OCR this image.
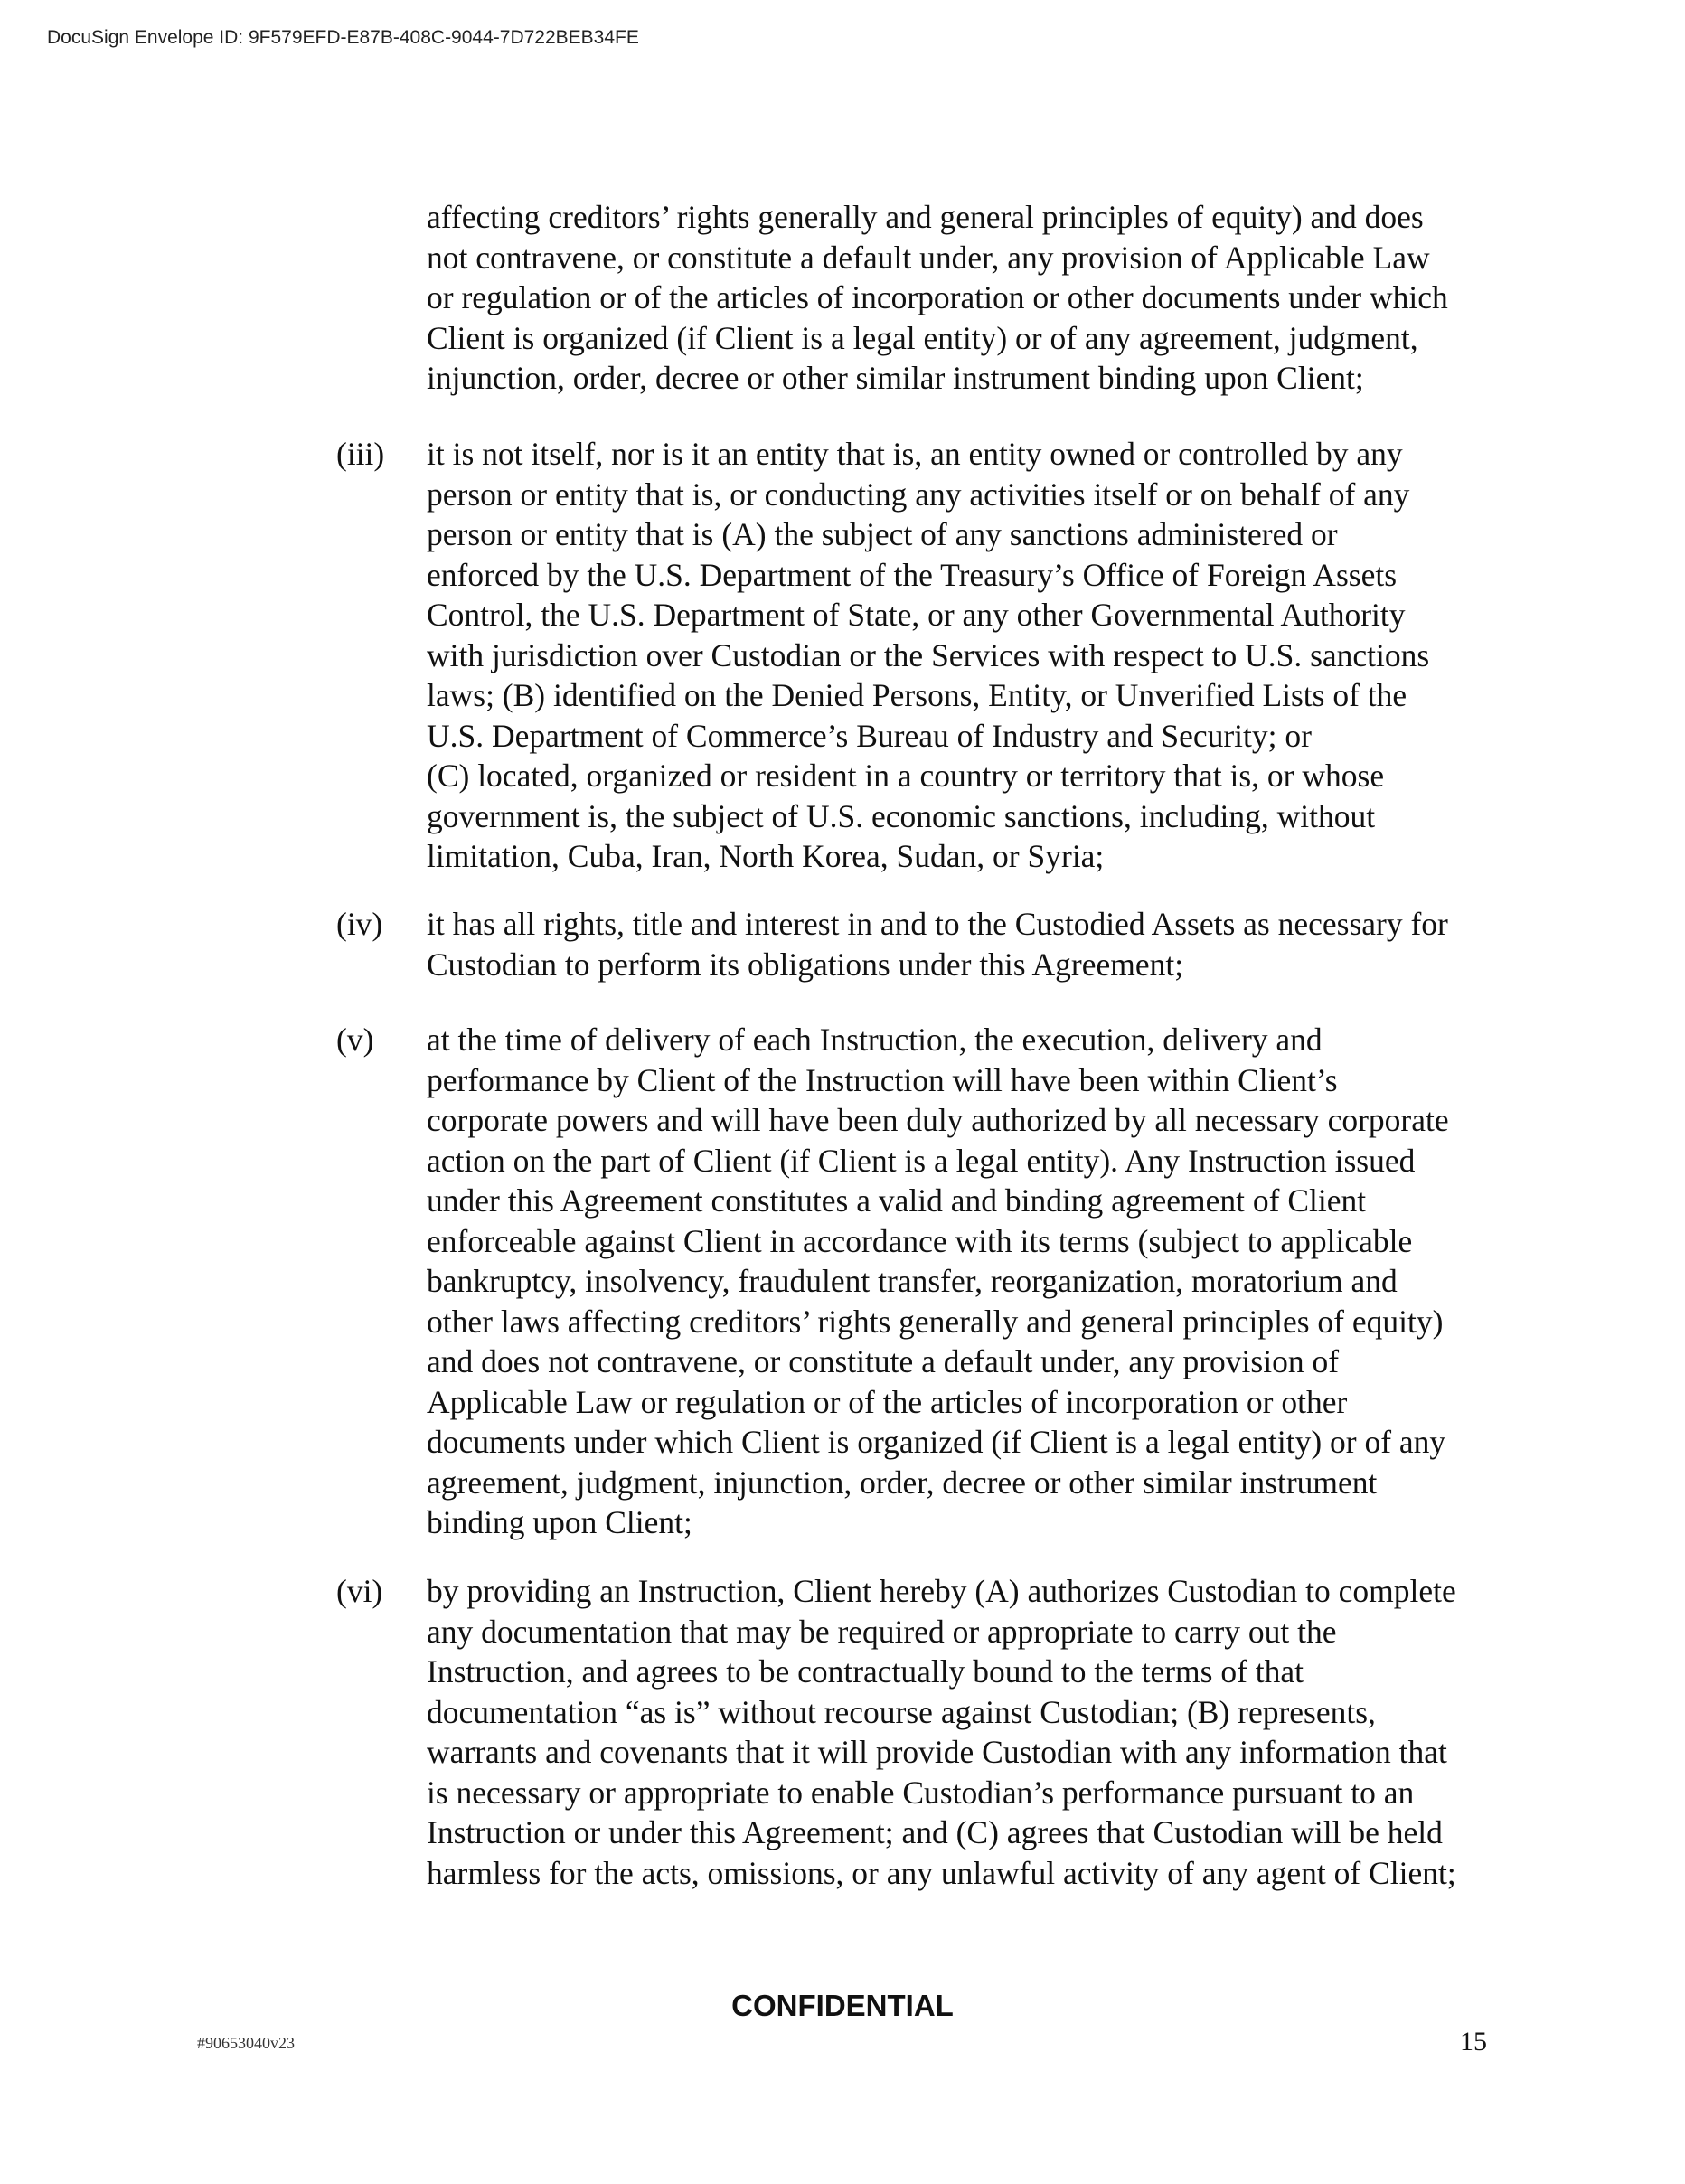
DocuSign Envelope ID: 9F579EFD-E87B-408C-9044-7D722BEB34FE
affecting creditors’ rights generally and general principles of equity) and does
not contravene, or constitute a default under, any provision of Applicable Law
or regulation or of the articles of incorporation or other documents under which
Client is organized (if Client is a legal entity) or of any agreement, judgment,
injunction, order, decree or other similar instrument binding upon Client;
(iii) it is not itself, nor is it an entity that is, an entity owned or controlled by any
person or entity that is, or conducting any activities itself or on behalf of any
person or entity that is (A) the subject of any sanctions administered or
enforced by the U.S. Department of the Treasury’s Office of Foreign Assets
Control, the U.S. Department of State, or any other Governmental Authority
with jurisdiction over Custodian or the Services with respect to U.S. sanctions
laws; (B) identified on the Denied Persons, Entity, or Unverified Lists of the
U.S. Department of Commerce’s Bureau of Industry and Security; or
(C) located, organized or resident in a country or territory that is, or whose
government is, the subject of U.S. economic sanctions, including, without
limitation, Cuba, Iran, North Korea, Sudan, or Syria;
(iv) it has all rights, title and interest in and to the Custodied Assets as necessary for
Custodian to perform its obligations under this Agreement;
(v) at the time of delivery of each Instruction, the execution, delivery and
performance by Client of the Instruction will have been within Client’s
corporate powers and will have been duly authorized by all necessary corporate
action on the part of Client (if Client is a legal entity). Any Instruction issued
under this Agreement constitutes a valid and binding agreement of Client
enforceable against Client in accordance with its terms (subject to applicable
bankruptcy, insolvency, fraudulent transfer, reorganization, moratorium and
other laws affecting creditors’ rights generally and general principles of equity)
and does not contravene, or constitute a default under, any provision of
Applicable Law or regulation or of the articles of incorporation or other
documents under which Client is organized (if Client is a legal entity) or of any
agreement, judgment, injunction, order, decree or other similar instrument
binding upon Client;
(vi) by providing an Instruction, Client hereby (A) authorizes Custodian to complete
any documentation that may be required or appropriate to carry out the
Instruction, and agrees to be contractually bound to the terms of that
documentation “as is” without recourse against Custodian; (B) represents,
warrants and covenants that it will provide Custodian with any information that
is necessary or appropriate to enable Custodian’s performance pursuant to an
Instruction or under this Agreement; and (C) agrees that Custodian will be held
harmless for the acts, omissions, or any unlawful activity of any agent of Client;
CONFIDENTIAL
#90653040v23	15
